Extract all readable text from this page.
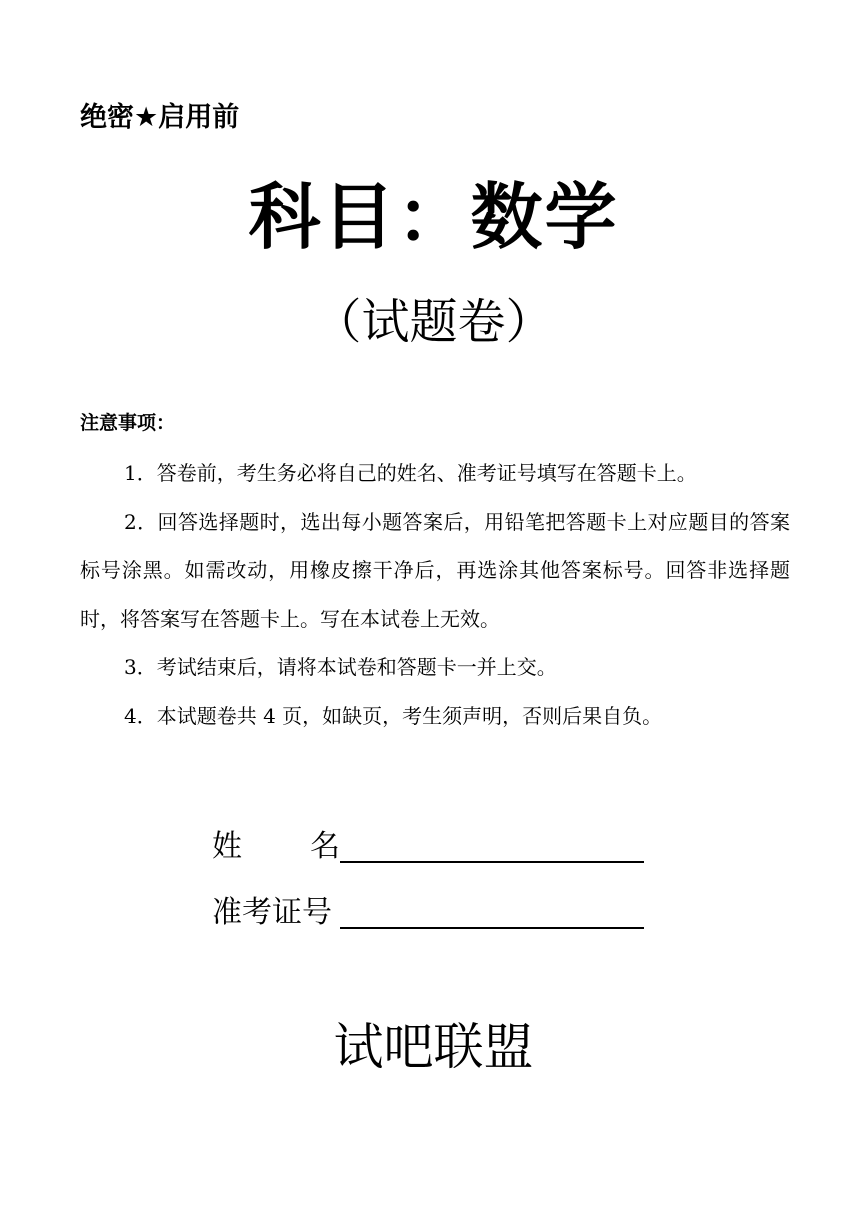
绝密★启用前
科目：数学
（试题卷）
注意事项：

1．答卷前，考生务必将自己的姓名、准考证号填写在答题卡上。

2．回答选择题时，选出每小题答案后，用铅笔把答题卡上对应题目的答案标号涂黑。如需改动，用橡皮擦干净后，再选涂其他答案标号。回答非选择题时，将答案写在答题卡上。写在本试卷上无效。

3．考试结束后，请将本试卷和答题卡一并上交。

4．本试题卷共 4 页，如缺页，考生须声明，否则后果自负。

姓 名
准考证号
试吧联盟
